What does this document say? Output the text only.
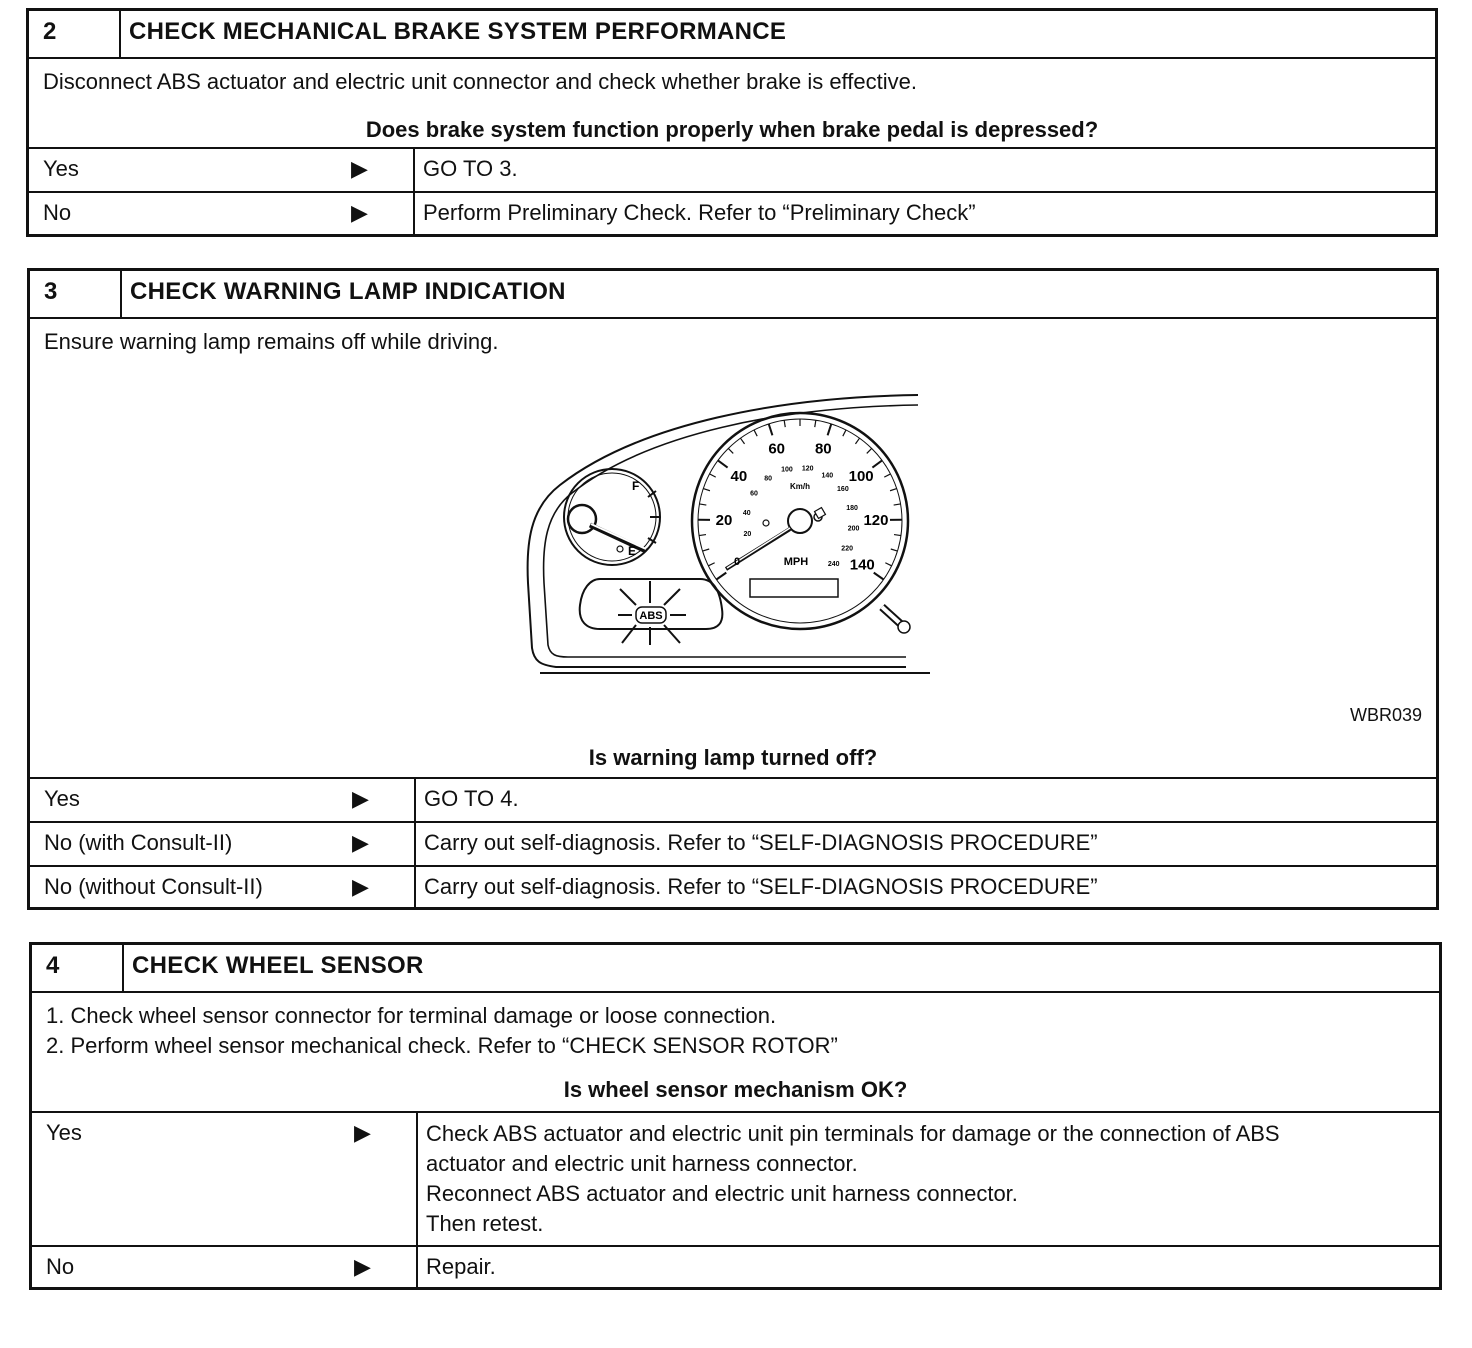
2	CHECK MECHANICAL BRAKE SYSTEM PERFORMANCE
Disconnect ABS actuator and electric unit connector and check whether brake is effective.
Does brake system function properly when brake pedal is depressed?
Yes	▶	GO TO 3.
No	▶	Perform Preliminary Check. Refer to “Preliminary Check”
3	CHECK WARNING LAMP INDICATION
Ensure warning lamp remains off while driving.
F
E
ABS
20
40
60 80
100
120
140
20
40
60
80
100 120
140
160
180
200
220
240
MPH
Km/h
0
WBR039
Is warning lamp turned off?
Yes	▶	GO TO 4.
No (with Consult-II)	▶	Carry out self-diagnosis. Refer to “SELF-DIAGNOSIS PROCEDURE”
No (without Consult-II)	▶	Carry out self-diagnosis. Refer to “SELF-DIAGNOSIS PROCEDURE”
4	CHECK WHEEL SENSOR
1. Check wheel sensor connector for terminal damage or loose connection.
2. Perform wheel sensor mechanical check. Refer to “CHECK SENSOR ROTOR”
Is wheel sensor mechanism OK?
Yes	▶	Check ABS actuator and electric unit pin terminals for damage or the connection of ABS
actuator and electric unit harness connector.
Reconnect ABS actuator and electric unit harness connector.
Then retest.
No	▶	Repair.
